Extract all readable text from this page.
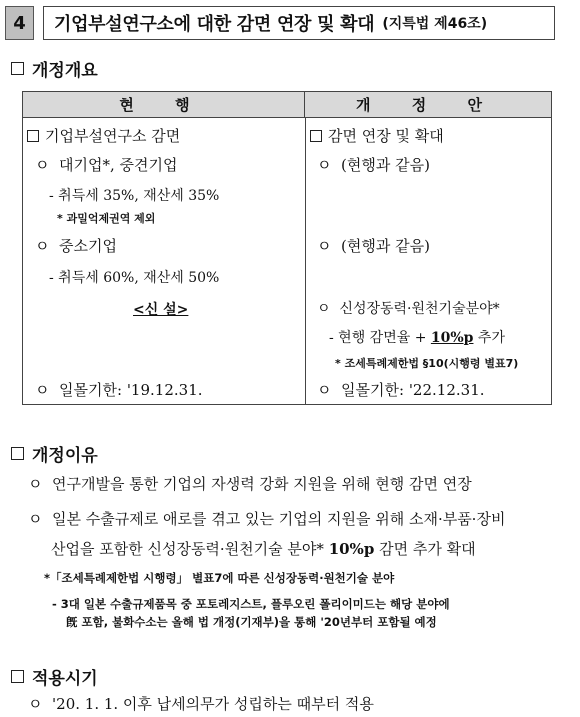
4	기업부설연구소에 대한 감면 연장 및 확대 (지특법 제46조)
개정개요
현 행	개 정 안
기업부설연구소 감면
ㅇ  대기업*, 중견기업
- 취득세 35%, 재산세 35%
* 과밀억제권역 제외
ㅇ  중소기업
- 취득세 60%, 재산세 50%
<신 설>
ㅇ  일몰기한: '19.12.31.
감면 연장 및 확대
ㅇ  (현행과 같음)
ㅇ  (현행과 같음)
ㅇ  신성장동력·원천기술분야*
- 현행 감면율 + 10%p 추가
* 조세특례제한법 §10(시행령 별표7)
ㅇ  일몰기한: '22.12.31.
개정이유
ㅇ  연구개발을 통한 기업의 자생력 강화 지원을 위해 현행 감면 연장
ㅇ  일본 수출규제로 애로를 겪고 있는 기업의 지원을 위해 소재·부품·장비
산업을 포함한 신성장동력·원천기술 분야* 10%p 감면 추가 확대
*「조세특례제한법 시행령」 별표7에 따른 신성장동력·원천기술 분야
- 3대 일본 수출규제품목 중 포토레지스트, 플루오린 폴리이미드는 해당 분야에
旣 포함, 불화수소는 올해 법 개정(기재부)을 통해 '20년부터 포함될 예정
적용시기
ㅇ  '20. 1. 1. 이후 납세의무가 성립하는 때부터 적용
